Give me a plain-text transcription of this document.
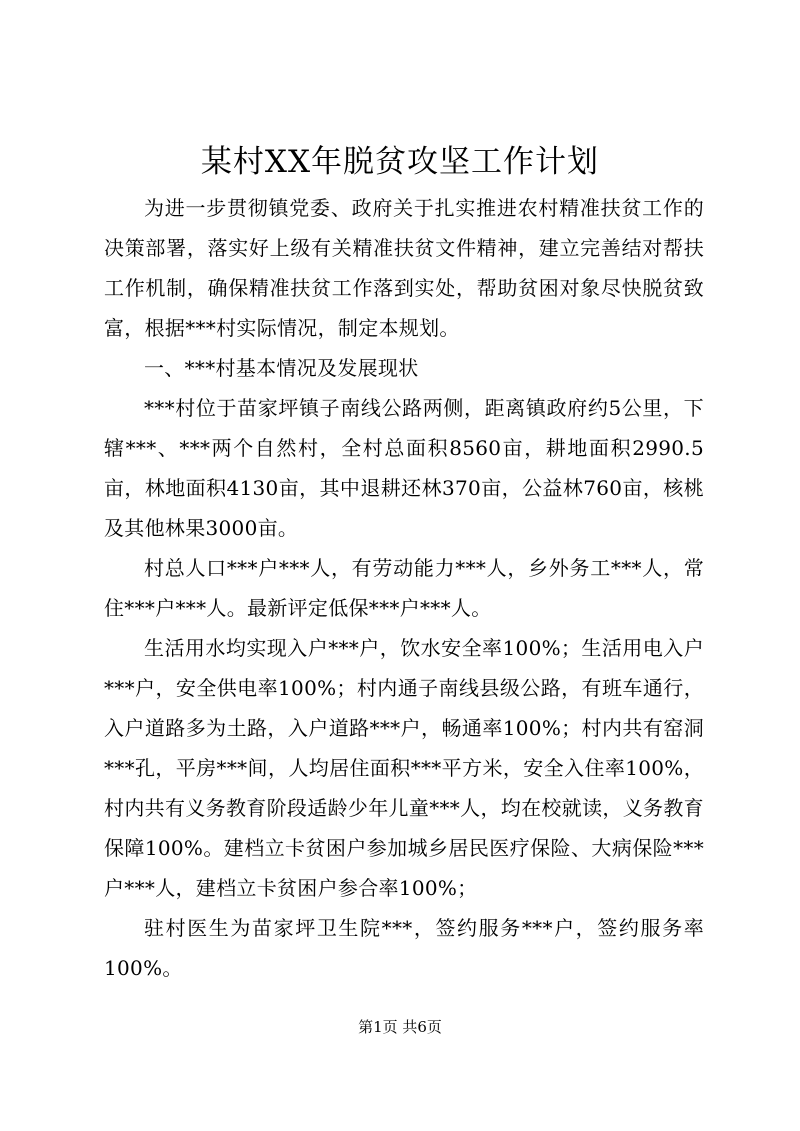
某村XX年脱贫攻坚工作计划

为进一步贯彻镇党委、政府关于扎实推进农村精准扶贫工作的决策部署，落实好上级有关精准扶贫文件精神，建立完善结对帮扶工作机制，确保精准扶贫工作落到实处，帮助贫困对象尽快脱贫致富，根据***村实际情况，制定本规划。

一、***村基本情况及发展现状

***村位于苗家坪镇子南线公路两侧，距离镇政府约5公里，下辖***、***两个自然村，全村总面积8560亩，耕地面积2990.5亩，林地面积4130亩，其中退耕还林370亩，公益林760亩，核桃及其他林果3000亩。

村总人口***户***人，有劳动能力***人，乡外务工***人，常住***户***人。最新评定低保***户***人。

生活用水均实现入户***户，饮水安全率100%；生活用电入户***户，安全供电率100%；村内通子南线县级公路，有班车通行，入户道路多为土路，入户道路***户，畅通率100%；村内共有窑洞***孔，平房***间，人均居住面积***平方米，安全入住率100%，村内共有义务教育阶段适龄少年儿童***人，均在校就读，义务教育保障100%。建档立卡贫困户参加城乡居民医疗保险、大病保险***户***人，建档立卡贫困户参合率100%；

驻村医生为苗家坪卫生院***，签约服务***户，签约服务率100%。

第1页 共6页
